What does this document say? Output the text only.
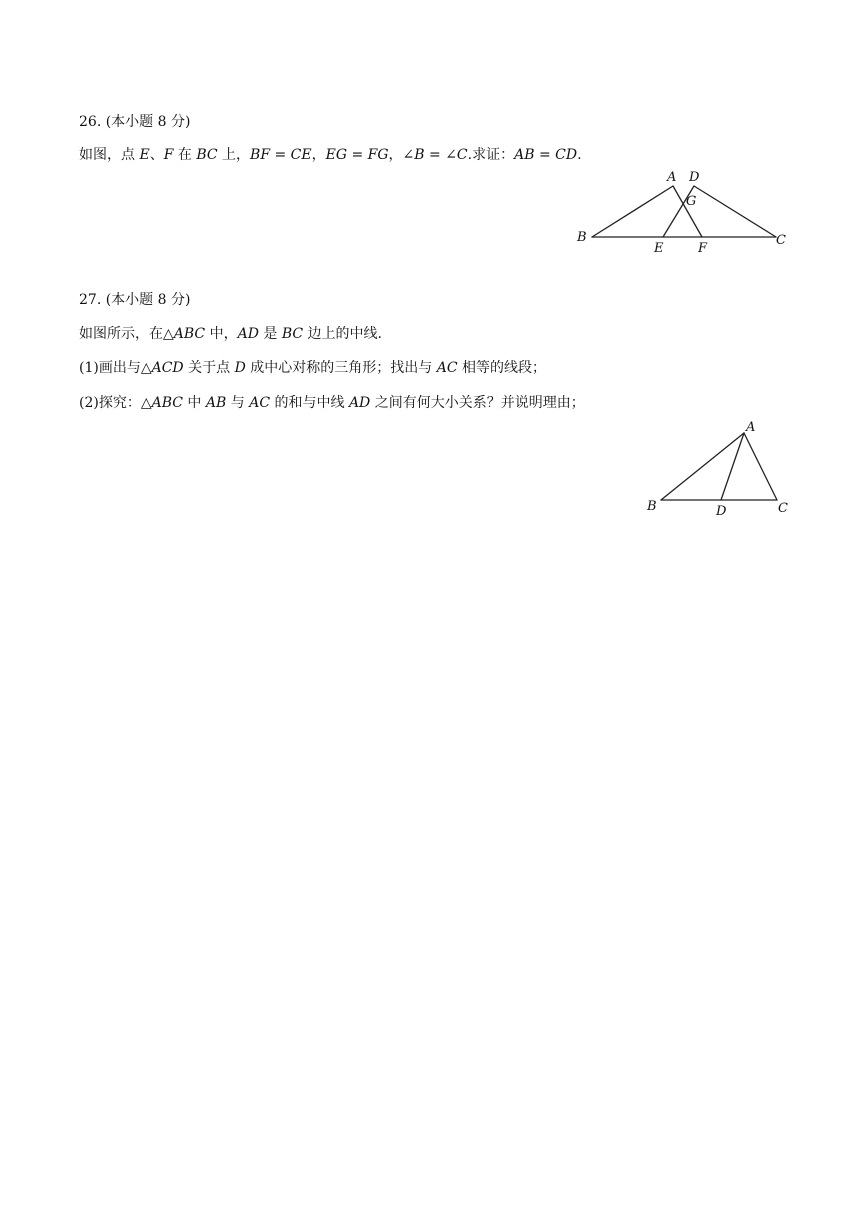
26. (本小题 8 分)
如图，点 E、F 在 BC 上，BF = CE，EG = FG，∠B = ∠C.求证：AB = CD.
A D
G
B
E	F
C
27. (本小题 8 分)
如图所示，在△ABC 中，AD 是 BC 边上的中线.
(1)画出与△ACD 关于点 D 成中心对称的三角形；找出与 AC 相等的线段；
(2)探究：△ABC 中 AB 与 AC 的和与中线 AD 之间有何大小关系？并说明理由；
A
B	D	C
